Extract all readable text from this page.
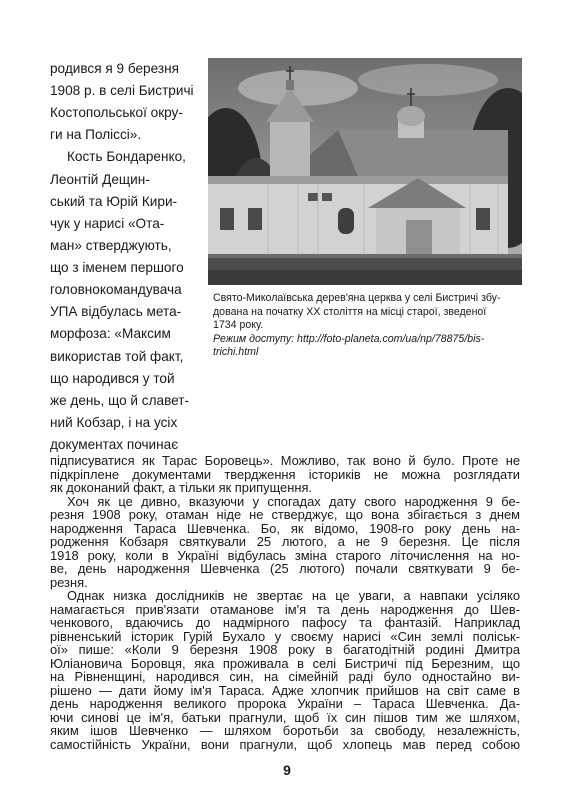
родився я 9 березня
1908 р. в селі Бистричі
Костопольської окру-
ги на Поліссі».
Кость Бондаренко,
Леонтій Дещин-
ський та Юрій Кири-
чук у нарисі «Ота-
ман» стверджують,
що з іменем першого
головнокомандувача
УПА відбулась мета-
морфоза: «Максим
використав той факт,
що народився у той
же день, що й славет-
ний Кобзар, і на усіх
документах починає
Свято-Миколаївська дерев'яна церква у селі Бистричі збу-
дована на початку XX століття на місці старої, зведеної
1734 року.
Режим доступу: http://foto-planeta.com/ua/np/78875/bis-
trichi.html
9
підписуватися як Тарас Боровець». Можливо, так воно й було. Проте не
підкріплене документами твердження істориків не можна розглядати
як доконаний факт, а тільки як припущення.
Хоч як це дивно, вказуючи у спогадах дату свого народження 9 бе-
резня 1908 року, отаман ніде не стверджує, що вона збігається з днем
народження Тараса Шевченка. Бо, як відомо, 1908-го року день на-
родження Кобзаря святкували 25 лютого, а не 9 березня. Це після
1918 року, коли в Україні відбулась зміна старого літочислення на но-
ве, день народження Шевченка (25 лютого) почали святкувати 9 бе-
резня.
Однак низка дослідників не звертає на це уваги, а навпаки усіляко
намагається прив'язати отаманове ім'я та день народження до Шев-
ченкового, вдаючись до надмірного пафосу та фантазій. Наприклад
рівненський історик Гурій Бухало у своєму нарисі «Син землі поліськ-
ої» пише: «Коли 9 березня 1908 року в багатодітній родині Дмитра
Юліановича Боровця, яка проживала в селі Бистричі під Березним, що
на Рівненщині, народився син, на сімейній раді було одностайно ви-
рішено — дати йому ім'я Тараса. Адже хлопчик прийшов на світ саме в
день народження великого пророка України – Тараса Шевченка. Да-
ючи синові це ім'я, батьки прагнули, щоб їх син пішов тим же шляхом,
яким ішов Шевченко — шляхом боротьби за свободу, незалежність,
самостійність України, вони прагнули, щоб хлопець мав перед собою
